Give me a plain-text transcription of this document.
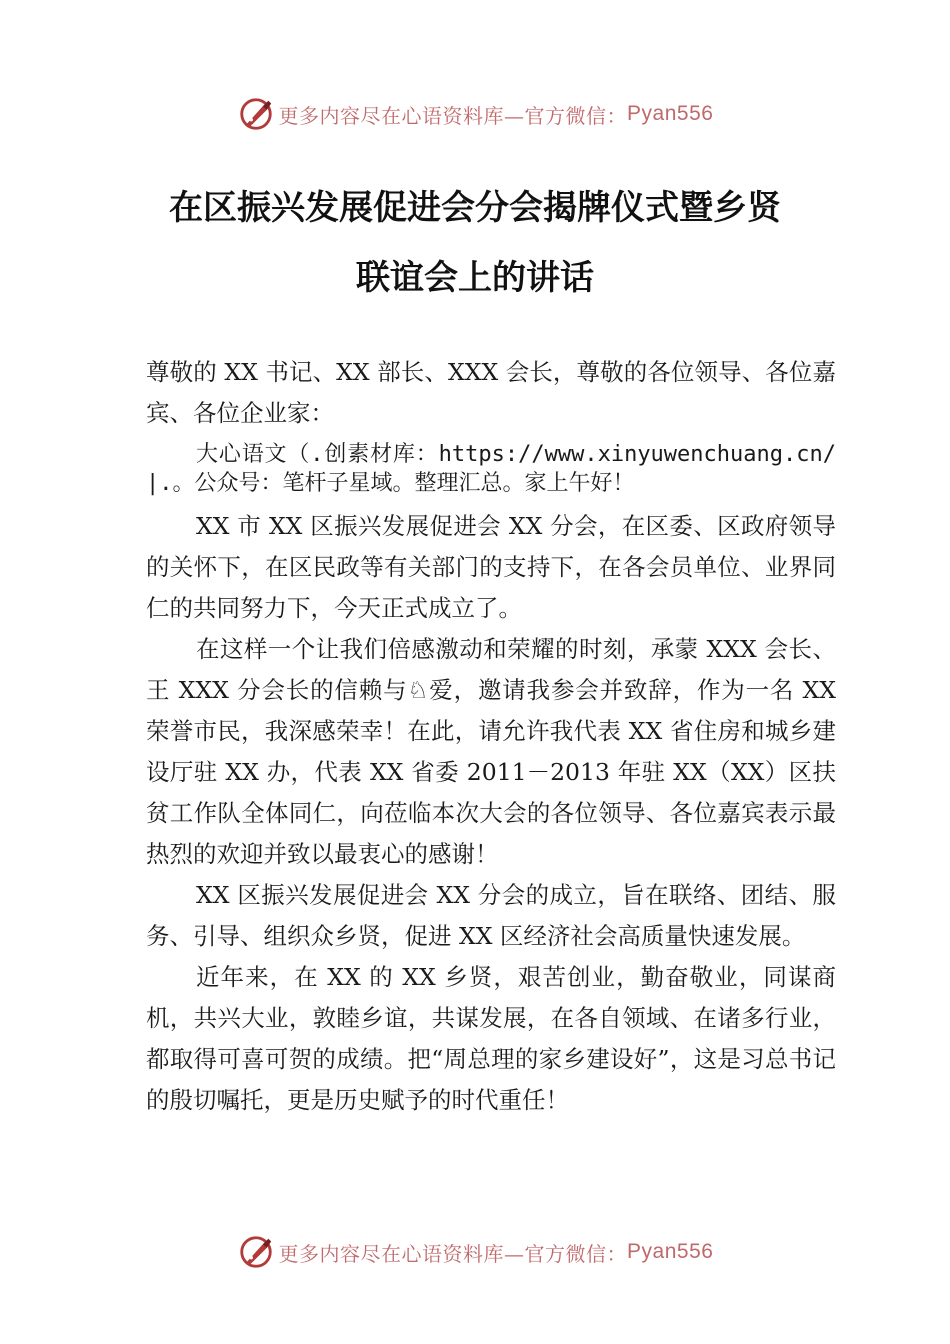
更多内容尽在心语资料库—官方微信： Pyan556
在区振兴发展促进会分会揭牌仪式暨乡贤
联谊会上的讲话

尊敬的 XX 书记、XX 部长、XXX 会长，尊敬的各位领导、各位嘉宾、各位企业家：

大心语文（.创素材库：https://www.xinyuwenchuang.cn/|.。公众号：笔杆子星域。整理汇总。家上午好！

XX 市 XX 区振兴发展促进会 XX 分会，在区委、区政府领导的关怀下，在区民政等有关部门的支持下，在各会员单位、业界同仁的共同努力下，今天正式成立了。

在这样一个让我们倍感激动和荣耀的时刻，承蒙 XXX 会长、王 XXX 分会长的信赖与♘爱，邀请我参会并致辞，作为一名 XX 荣誉市民，我深感荣幸！在此，请允许我代表 XX 省住房和城乡建设厅驻 XX 办，代表 XX 省委 2011－2013 年驻 XX（XX）区扶贫工作队全体同仁，向莅临本次大会的各位领导、各位嘉宾表示最热烈的欢迎并致以最衷心的感谢！

XX 区振兴发展促进会 XX 分会的成立，旨在联络、团结、服务、引导、组织众乡贤，促进 XX 区经济社会高质量快速发展。

近年来，在 XX 的 XX 乡贤，艰苦创业，勤奋敬业，同谋商机，共兴大业，敦睦乡谊，共谋发展，在各自领域、在诸多行业，都取得可喜可贺的成绩。把“周总理的家乡建设好”，这是习总书记的殷切嘱托，更是历史赋予的时代重任！

更多内容尽在心语资料库—官方微信： Pyan556
